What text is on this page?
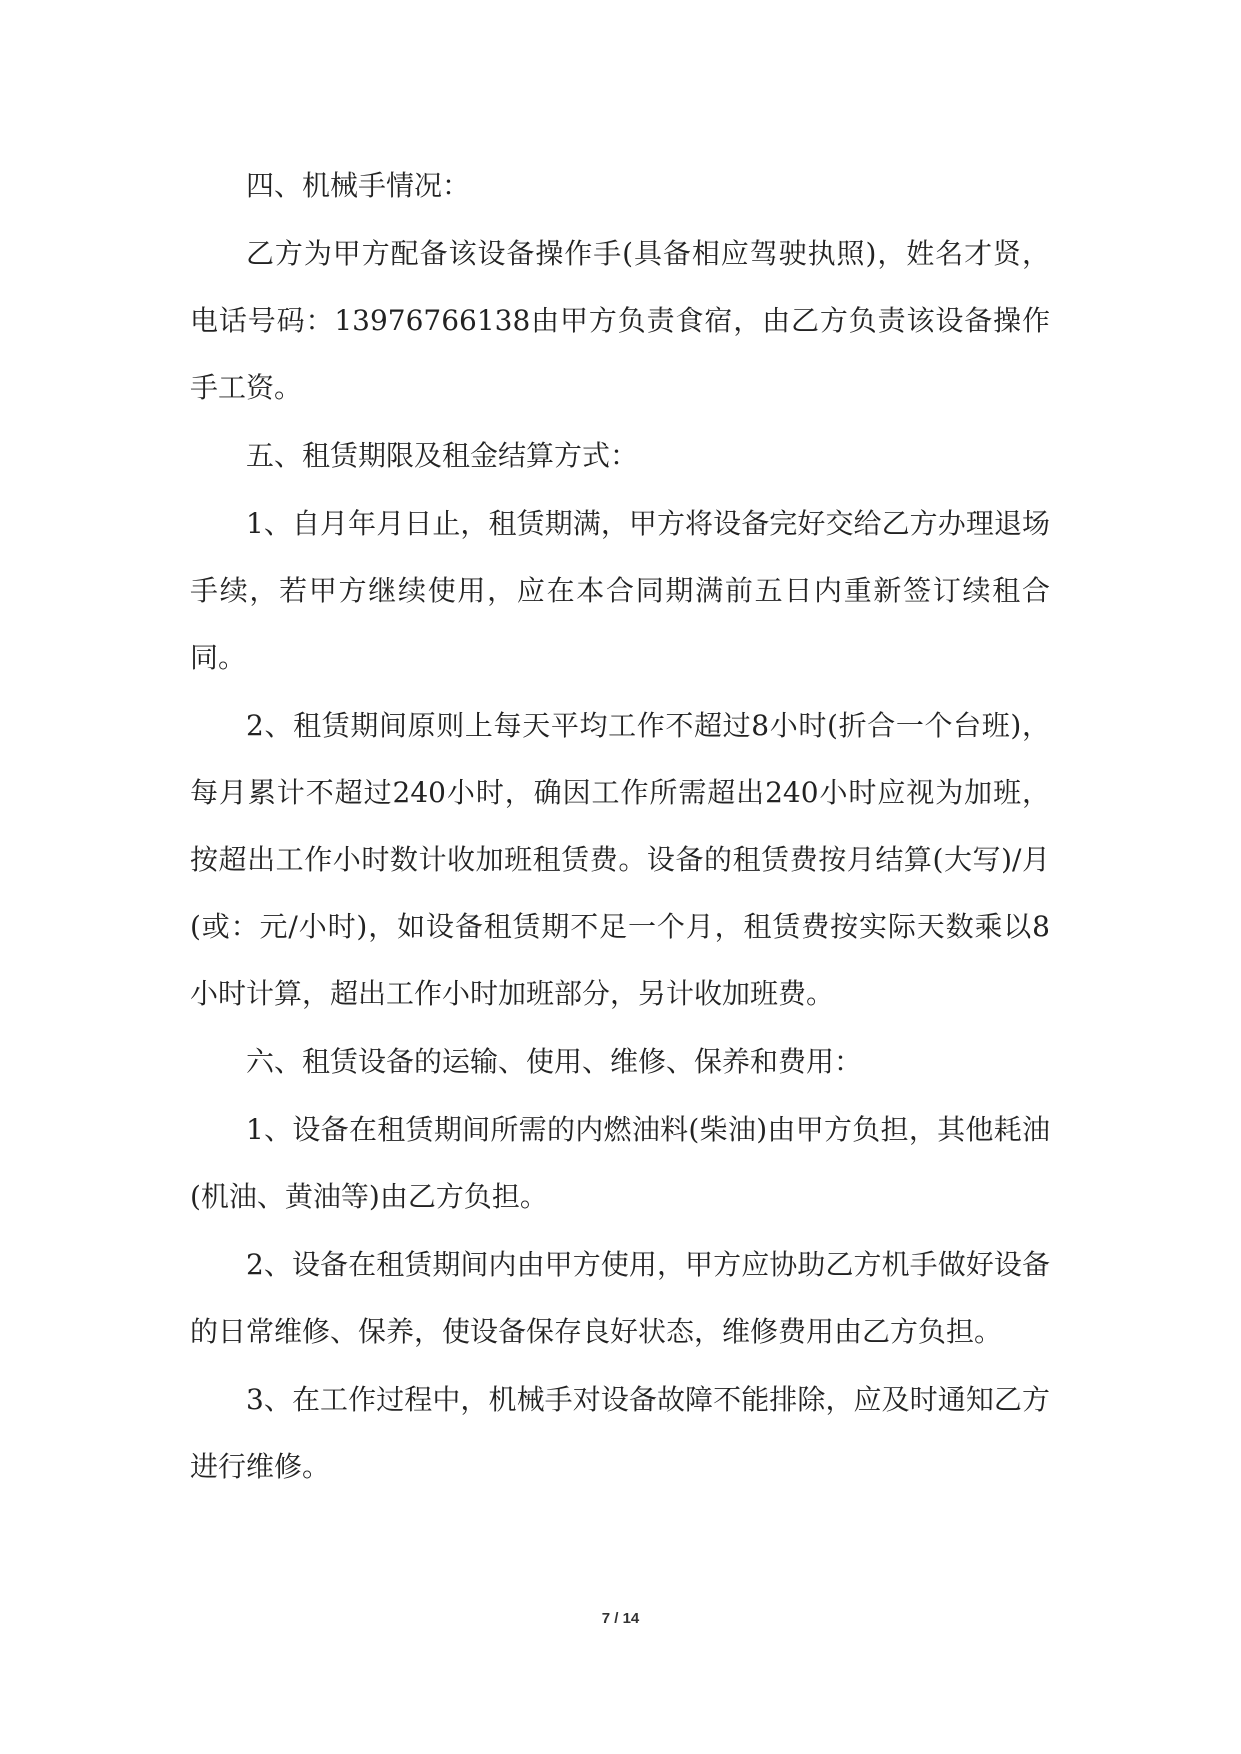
四、机械手情况：

乙方为甲方配备该设备操作手(具备相应驾驶执照)，姓名才贤，电话号码：13976766138由甲方负责食宿，由乙方负责该设备操作手工资。

五、租赁期限及租金结算方式：

1、自月年月日止，租赁期满，甲方将设备完好交给乙方办理退场手续，若甲方继续使用，应在本合同期满前五日内重新签订续租合同。

2、租赁期间原则上每天平均工作不超过8小时(折合一个台班)，每月累计不超过240小时，确因工作所需超出240小时应视为加班，按超出工作小时数计收加班租赁费。设备的租赁费按月结算(大写)/月(或：元/小时)，如设备租赁期不足一个月，租赁费按实际天数乘以8小时计算，超出工作小时加班部分，另计收加班费。

六、租赁设备的运输、使用、维修、保养和费用：

1、设备在租赁期间所需的内燃油料(柴油)由甲方负担，其他耗油(机油、黄油等)由乙方负担。

2、设备在租赁期间内由甲方使用，甲方应协助乙方机手做好设备的日常维修、保养，使设备保存良好状态，维修费用由乙方负担。

3、在工作过程中，机械手对设备故障不能排除，应及时通知乙方进行维修。

7 / 14
